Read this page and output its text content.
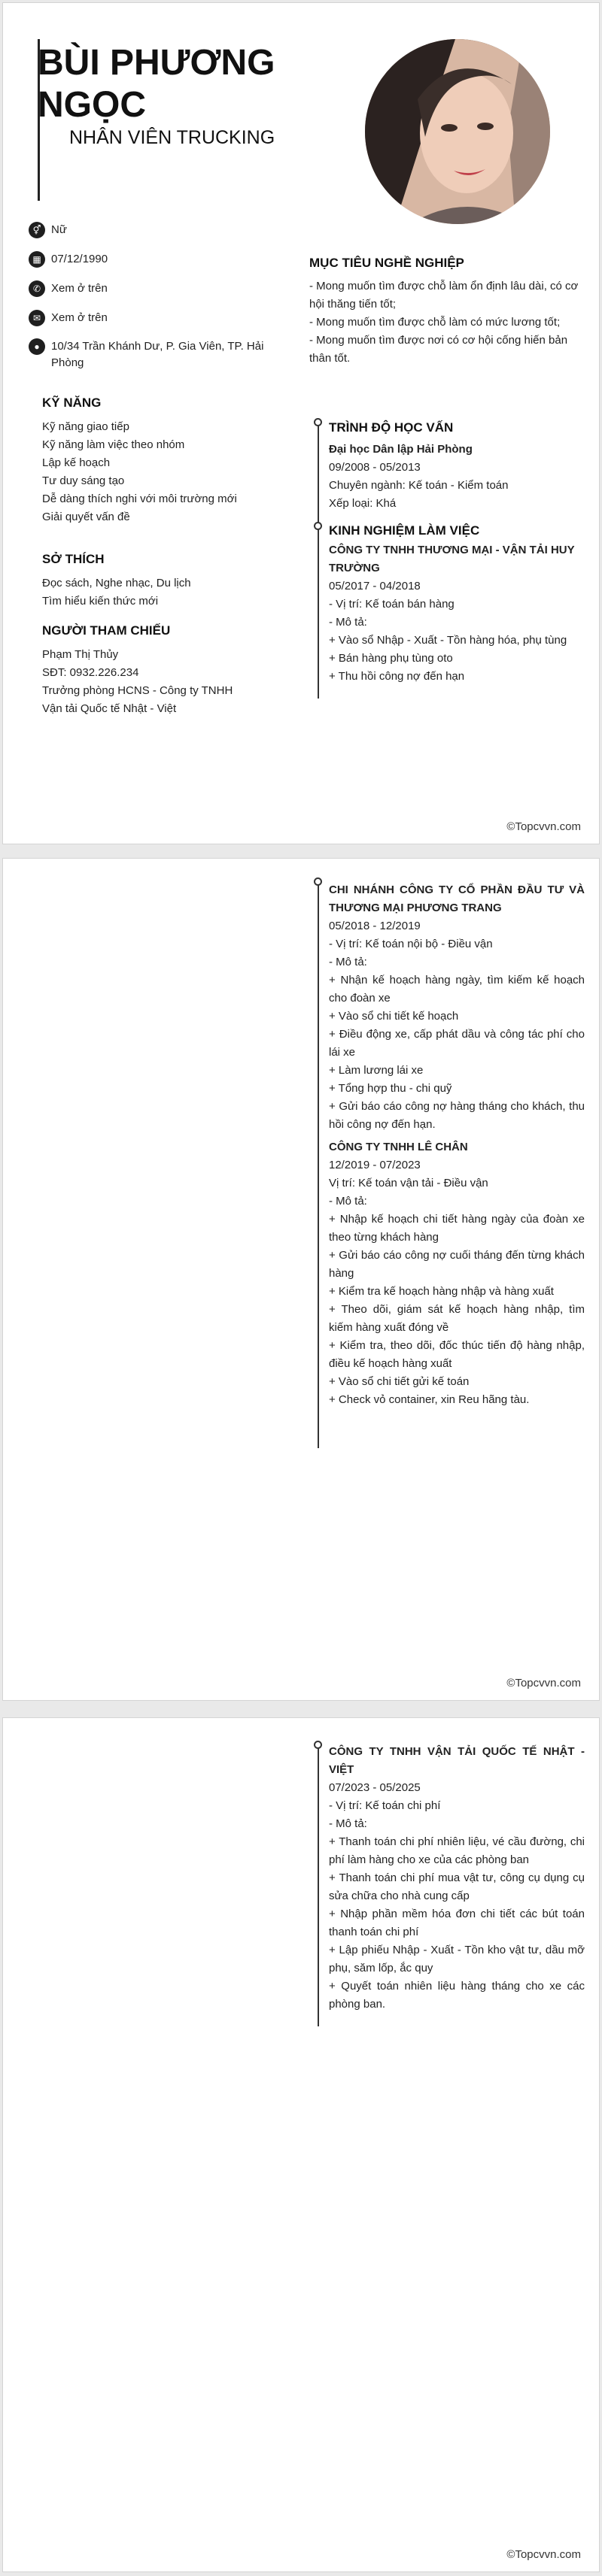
BÙI PHƯƠNG
NGỌC
NHÂN VIÊN TRUCKING
⚥ Nữ
▦ 07/12/1990
✆ Xem ở trên
✉ Xem ở trên
●	10/34 Trần Khánh Dư, P. Gia Viên, TP. Hải Phòng
KỸ NĂNG
Kỹ năng giao tiếp
Kỹ năng làm việc theo nhóm
Lập kế hoạch
Tư duy sáng tạo
Dễ dàng thích nghi với môi trường mới
Giải quyết vấn đề
SỞ THÍCH
Đọc sách, Nghe nhạc, Du lịch
Tìm hiểu kiến thức mới
NGƯỜI THAM CHIẾU
Phạm Thị Thủy
SĐT: 0932.226.234
Trưởng phòng HCNS - Công ty TNHH Vận tải Quốc tế Nhật - Việt
MỤC TIÊU NGHỀ NGHIỆP
- Mong muốn tìm được chỗ làm ổn định lâu dài, có cơ hội thăng tiến tốt;
- Mong muốn tìm được chỗ làm có mức lương tốt;
- Mong muốn tìm được nơi có cơ hội cống hiến bản thân tốt.
TRÌNH ĐỘ HỌC VẤN
Đại học Dân lập Hải Phòng
09/2008 - 05/2013
Chuyên ngành: Kế toán - Kiểm toán
Xếp loại: Khá
KINH NGHIỆM LÀM VIỆC
CÔNG TY TNHH THƯƠNG MẠI - VẬN TẢI HUY TRƯỜNG
05/2017 - 04/2018
- Vị trí: Kế toán bán hàng
- Mô tả:
+ Vào sổ Nhập - Xuất - Tồn hàng hóa, phụ tùng
+ Bán hàng phụ tùng oto
+ Thu hồi công nợ đến hạn
©Topcvvn.com
CHI NHÁNH CÔNG TY CỔ PHẦN ĐẦU TƯ VÀ THƯƠNG MẠI PHƯƠNG TRANG
05/2018 - 12/2019
- Vị trí: Kế toán nội bộ - Điều vận
- Mô tả:
+ Nhận kế hoạch hàng ngày, tìm kiếm kế hoạch cho đoàn xe
+ Vào sổ chi tiết kế hoạch
+ Điều động xe, cấp phát dầu và công tác phí cho lái xe
+ Làm lương lái xe
+ Tổng hợp thu - chi quỹ
+ Gửi báo cáo công nợ hàng tháng cho khách, thu hồi công nợ đến hạn.
CÔNG TY TNHH LÊ CHÂN
12/2019 - 07/2023
Vị trí: Kế toán vận tải - Điều vận
- Mô tả:
+ Nhập kế hoạch chi tiết hàng ngày của đoàn xe theo từng khách hàng
+ Gửi báo cáo công nợ cuối tháng đến từng khách hàng
+ Kiểm tra kế hoạch hàng nhập và hàng xuất
+ Theo dõi, giám sát kế hoạch hàng nhập, tìm kiếm hàng xuất đóng về
+ Kiểm tra, theo dõi, đốc thúc tiến độ hàng nhập, điều kế hoạch hàng xuất
+ Vào sổ chi tiết gửi kế toán
+ Check vỏ container, xin Reu hãng tàu.
©Topcvvn.com
CÔNG TY TNHH VẬN TẢI QUỐC TẾ NHẬT - VIỆT
07/2023 - 05/2025
- Vị trí: Kế toán chi phí
- Mô tả:
+ Thanh toán chi phí nhiên liệu, vé cầu đường, chi phí làm hàng cho xe của các phòng ban
+ Thanh toán chi phí mua vật tư, công cụ dụng cụ sửa chữa cho nhà cung cấp
+ Nhập phần mềm hóa đơn chi tiết các bút toán thanh toán chi phí
+ Lập phiếu Nhập - Xuất - Tồn kho vật tư, dầu mỡ phụ, săm lốp, ắc quy
+ Quyết toán nhiên liệu hàng tháng cho xe các phòng ban.
©Topcvvn.com
